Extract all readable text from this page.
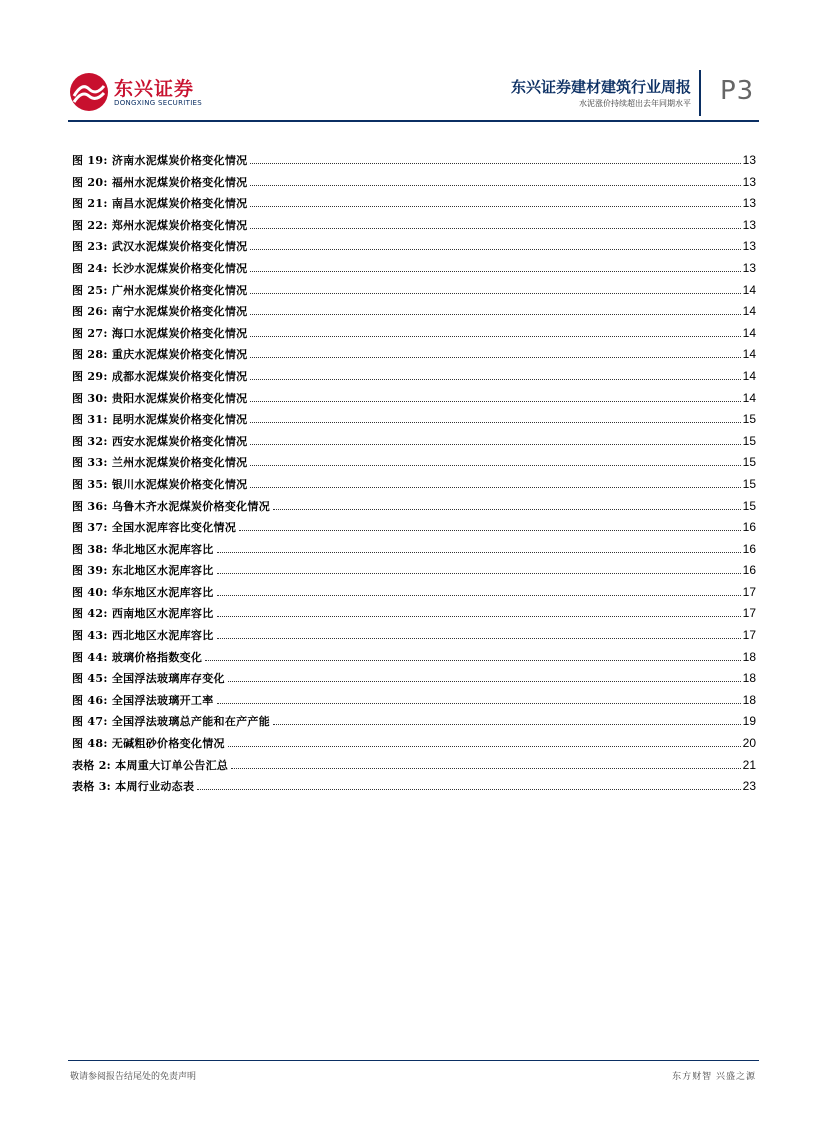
东兴证券
DONGXING SECURITIES
东兴证券建材建筑行业周报
水泥涨价持续超出去年同期水平 P3
图 19: 济南水泥煤炭价格变化情况	13
图 20: 福州水泥煤炭价格变化情况	13
图 21: 南昌水泥煤炭价格变化情况	13
图 22: 郑州水泥煤炭价格变化情况	13
图 23: 武汉水泥煤炭价格变化情况	13
图 24: 长沙水泥煤炭价格变化情况	13
图 25: 广州水泥煤炭价格变化情况	14
图 26: 南宁水泥煤炭价格变化情况	14
图 27: 海口水泥煤炭价格变化情况	14
图 28: 重庆水泥煤炭价格变化情况	14
图 29: 成都水泥煤炭价格变化情况	14
图 30: 贵阳水泥煤炭价格变化情况	14
图 31: 昆明水泥煤炭价格变化情况	15
图 32: 西安水泥煤炭价格变化情况	15
图 33: 兰州水泥煤炭价格变化情况	15
图 35: 银川水泥煤炭价格变化情况	15
图 36: 乌鲁木齐水泥煤炭价格变化情况	15
图 37: 全国水泥库容比变化情况	16
图 38: 华北地区水泥库容比	16
图 39: 东北地区水泥库容比	16
图 40: 华东地区水泥库容比	17
图 42: 西南地区水泥库容比	17
图 43: 西北地区水泥库容比	17
图 44: 玻璃价格指数变化	18
图 45: 全国浮法玻璃库存变化	18
图 46: 全国浮法玻璃开工率	18
图 47: 全国浮法玻璃总产能和在产产能	19
图 48: 无碱粗砂价格变化情况	20
表格 2: 本周重大订单公告汇总	21
表格 3: 本周行业动态表	23
敬请参阅报告结尾处的免责声明	东方财智 兴盛之源
